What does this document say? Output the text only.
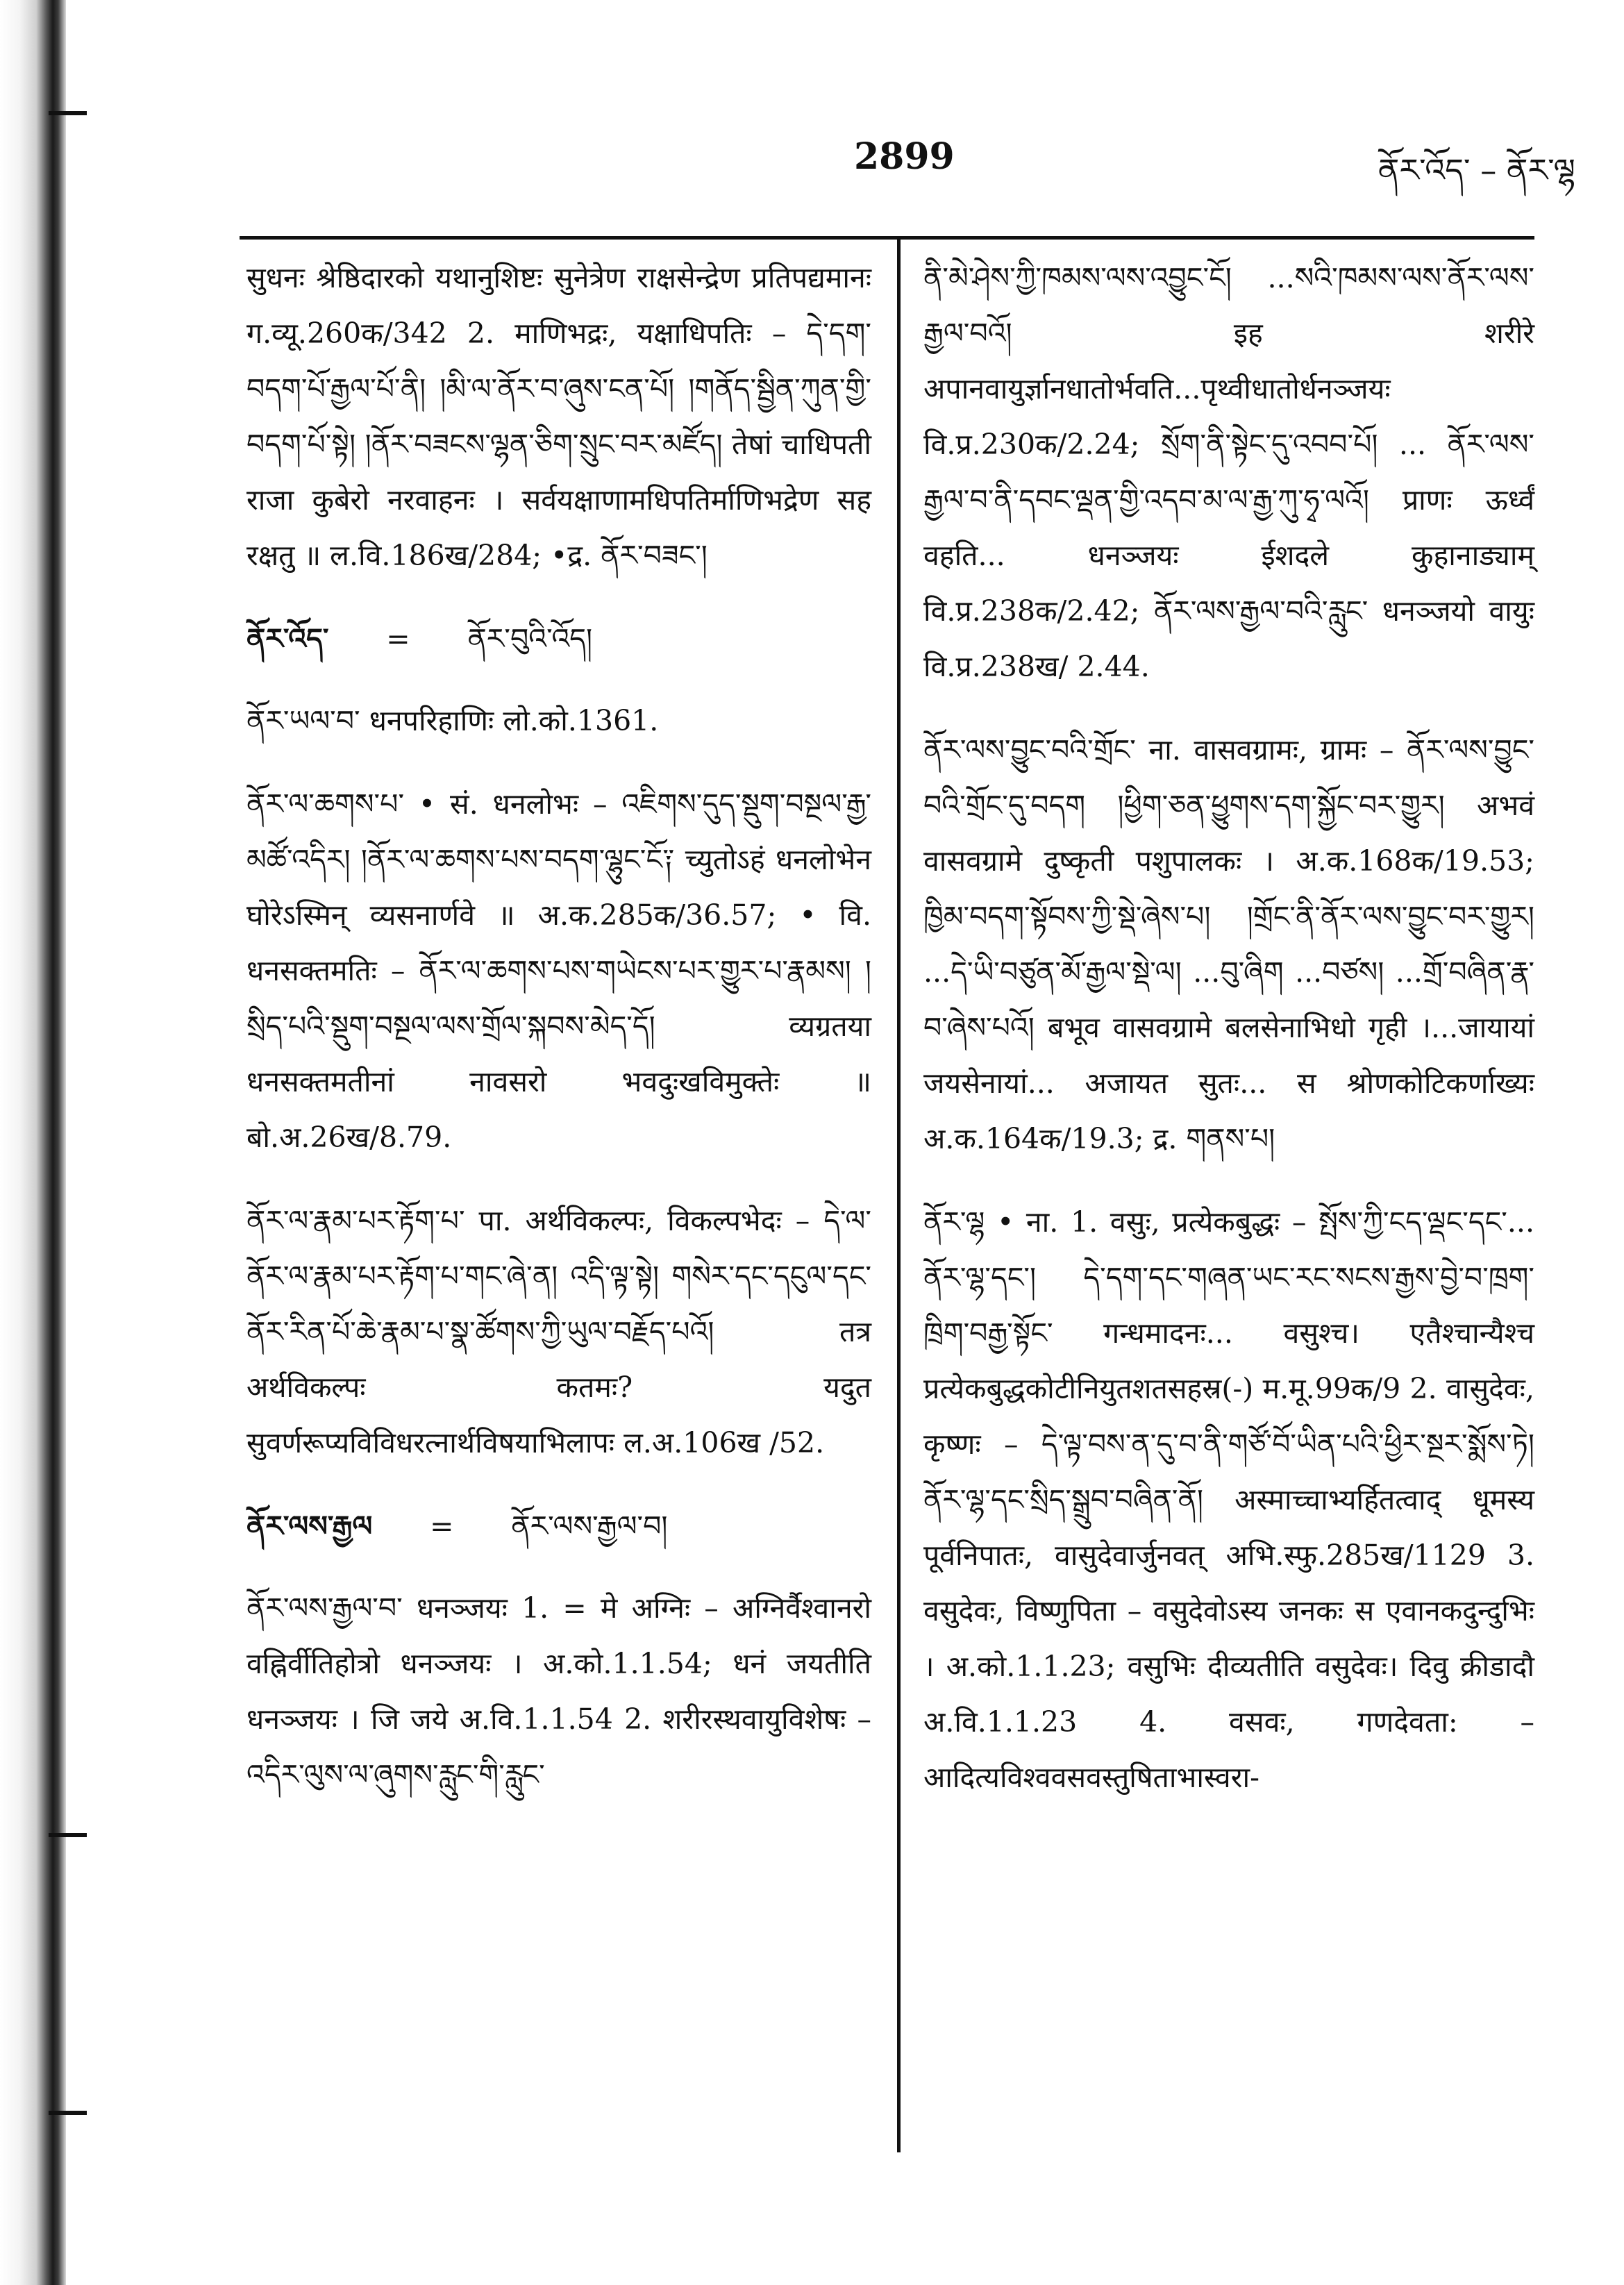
2899	ནོར་འོད་ – ནོར་ལྷ

सुधनः श्रेष्ठिदारको यथानुशिष्टः सुनेत्रेण राक्षसेन्द्रेण प्रतिपद्यमानः ग.व्यू.260क/342 2. माणिभद्रः, यक्षाधिपतिः – དེ་དག་བདག་པོ་རྒྱལ་པོ་ནི། །མི་ལ་ནོར་བ་ཞུས་ངན་པོ། །གནོད་སྦྱིན་ཀུན་གྱི་བདག་པོ་སྟེ། །ནོར་བཟངས་ལྷན་ཅིག་སྲུང་བར་མཛོད། तेषां चाधिपती राजा कुबेरो नरवाहनः । सर्वयक्षाणामधिपतिर्माणिभद्रेण सह रक्षतु ॥ ल.वि.186ख/284; •द्र. ནོར་བཟང་།

ནོར་འོད་ = ནོར་བུའི་འོད།

ནོར་ཡལ་བ་ धनपरिहाणिः लो.को.1361.

ནོར་ལ་ཆགས་པ་ • सं. धनलोभः – འཇིགས་དུད་སྡུག་བསྔལ་རྒྱ་མཚོ་འདིར། །ནོར་ལ་ཆགས་པས་བདག་ལྷུང་ངོ༑ च्युतोऽहं धनलोभेन घोरेऽस्मिन् व्यसनार्णवे ॥ अ.क.285क/36.57; • वि. धनसक्तमतिः – ནོར་ལ་ཆགས་པས་གཡེངས་པར་གྱུར་པ་རྣམས། །སྲིད་པའི་སྡུག་བསྔལ་ལས་གྲོལ་སྐབས་མེད་དོ། व्यग्रतया धनसक्तमतीनां नावसरो भवदुःखविमुक्तेः ॥ बो.अ.26ख/8.79.

ནོར་ལ་རྣམ་པར་རྟོག་པ་ पा. अर्थविकल्पः, विकल्पभेदः – དེ་ལ་ནོར་ལ་རྣམ་པར་རྟོག་པ་གང་ཞེ་ན། འདི་ལྟ་སྟེ། གསེར་དང་དངུལ་དང་ནོར་རིན་པོ་ཆེ་རྣམ་པ་སྣ་ཚོགས་ཀྱི་ཡུལ་བརྗོད་པའོ། तत्र अर्थविकल्पः कतमः? यदुत सुवर्णरूप्यविविधरत्नार्थविषयाभिलापः ल.अ.106ख /52.

ནོར་ལས་རྒྱལ = ནོར་ལས་རྒྱལ་བ།

ནོར་ལས་རྒྱལ་བ་ धनञ्जयः 1. = मे अग्निः – अग्निर्वैश्वानरो वह्निर्वीतिहोत्रो धनञ्जयः । अ.को.1.1.54; धनं जयतीति धनञ्जयः । जि जये अ.वि.1.1.54 2. शरीरस्थवायुविशेषः – འདིར་ལུས་ལ་ཞུགས་རླུང་གི་རླུང་

ནི་མེ་ཤེས་ཀྱི་ཁམས་ལས་འབྱུང་ངོ། ...སའི་ཁམས་ལས་ནོར་ལས་རྒྱལ་བའོ། इह शरीरे अपानवायुर्ज्ञानधातोर्भवति...पृथ्वीधातोर्धनञ्जयः वि.प्र.230क/2.24; སྲོག་ནི་སྟེང་དུ་འབབ་པོ། ... ནོར་ལས་རྒྱལ་བ་ནི་དབང་ལྡན་གྱི་འདབ་མ་ལ་རྒྱ་ཀུ་ཧྭ་ལའོ། प्राणः ऊर्ध्वं वहति... धनञ्जयः ईशदले कुहानाड्याम् वि.प्र.238क/2.42; ནོར་ལས་རྒྱལ་བའི་རླུང་ धनञ्जयो वायुः वि.प्र.238ख/ 2.44.

ནོར་ལས་བྱུང་བའི་གྲོང་ ना. वासवग्रामः, ग्रामः – ནོར་ལས་བྱུང་བའི་གྲོང་དུ་བདག །ཕྱིག་ཅན་ཕྱུགས་དག་སྐྱོང་བར་གྱུར། अभवं वासवग्रामे दुष्कृती पशुपालकः । अ.क.168क/19.53; ཁྱིམ་བདག་སྟོབས་ཀྱི་སྡེ་ཞེས་པ། །གྲོང་ནི་ནོར་ལས་བྱུང་བར་གྱུར། ...དེ་ཡི་བཙུན་མོ་རྒྱལ་སྡེ་ལ། ...བུ་ཞིག ...བཙས། ...གྲོ་བཞིན་རྣ་བ་ཞེས་པའོ། बभूव वासवग्रामे बलसेनाभिधो गृही ।...जायायां जयसेनायां... अजायत सुतः... स श्रोणकोटिकर्णाख्यः अ.क.164क/19.3; द्र. གནས་པ།

ནོར་ལྷ • ना. 1. वसुः, प्रत्येकबुद्धः – སྤོས་ཀྱི་ངད་ལྡང་དང་... ནོར་ལྷ་དང་། དེ་དག་དང་གཞན་ཡང་རང་སངས་རྒྱས་བྱེ་བ་ཁྲག་ཁྲིག་བརྒྱ་སྟོང་ गन्धमादनः... वसुश्च। एतैश्चान्यैश्च प्रत्येकबुद्धकोटीनियुतशतसहस्र(-) म.मू.99क/9 2. वासुदेवः, कृष्णः – དེ་ལྟ་བས་ན་དུ་བ་ནི་གཙོ་བོ་ཡིན་པའི་ཕྱིར་སྔར་སྨོས་ཏེ། ནོར་ལྷ་དང་སྲིད་སྒྲུབ་བཞིན་ནོ། अस्माच्चाभ्यर्हितत्वाद् धूमस्य पूर्वनिपातः, वासुदेवार्जुनवत् अभि.स्फु.285ख/1129 3. वसुदेवः, विष्णुपिता – वसुदेवोऽस्य जनकः स एवानकदुन्दुभिः । अ.को.1.1.23; वसुभिः दीव्यतीति वसुदेवः। दिवु क्रीडादौ अ.वि.1.1.23 4. वसवः, गणदेवता: – आदित्यविश्ववसवस्तुषिताभास्वरा-
